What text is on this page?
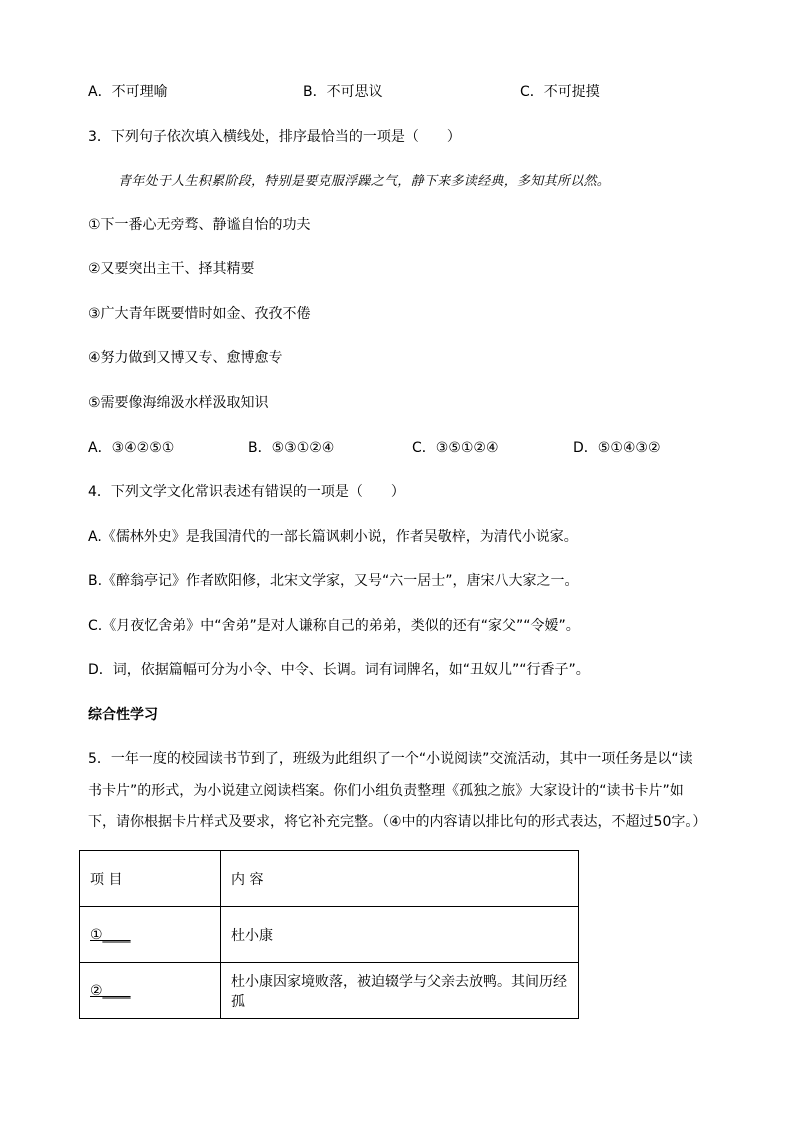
A．不可理喻	B．不可思议	C．不可捉摸
3．下列句子依次填入横线处，排序最恰当的一项是（　　）
青年处于人生积累阶段，特别是要克服浮躁之气，静下来多读经典，多知其所以然。
①下一番心无旁骛、静谧自怡的功夫
②又要突出主干、择其精要
③广大青年既要惜时如金、孜孜不倦
④努力做到又博又专、愈博愈专
⑤需要像海绵汲水样汲取知识
A．③④②⑤①	B．⑤③①②④	C．③⑤①②④	D．⑤①④③②
4．下列文学文化常识表述有错误的一项是（　　）
A.《儒林外史》是我国清代的一部长篇讽刺小说，作者吴敬梓，为清代小说家。
B.《醉翁亭记》作者欧阳修，北宋文学家，又号“六一居士”，唐宋八大家之一。
C.《月夜忆舍弟》中“舍弟”是对人谦称自己的弟弟，类似的还有“家父”“令嫒”。
D．词，依据篇幅可分为小令、中令、长调。词有词牌名，如“丑奴儿”“行香子”。
综合性学习
5．一年一度的校园读书节到了，班级为此组织了一个“小说阅读”交流活动，其中一项任务是以“读
书卡片”的形式，为小说建立阅读档案。你们小组负责整理《孤独之旅》大家设计的“读书卡片”如
下，请你根据卡片样式及要求，将它补充完整。（④中的内容请以排比句的形式表达，不超过50字。）
项 目	内 容
①____	杜小康
②____	杜小康因家境败落，被迫辍学与父亲去放鸭。其间历经孤
